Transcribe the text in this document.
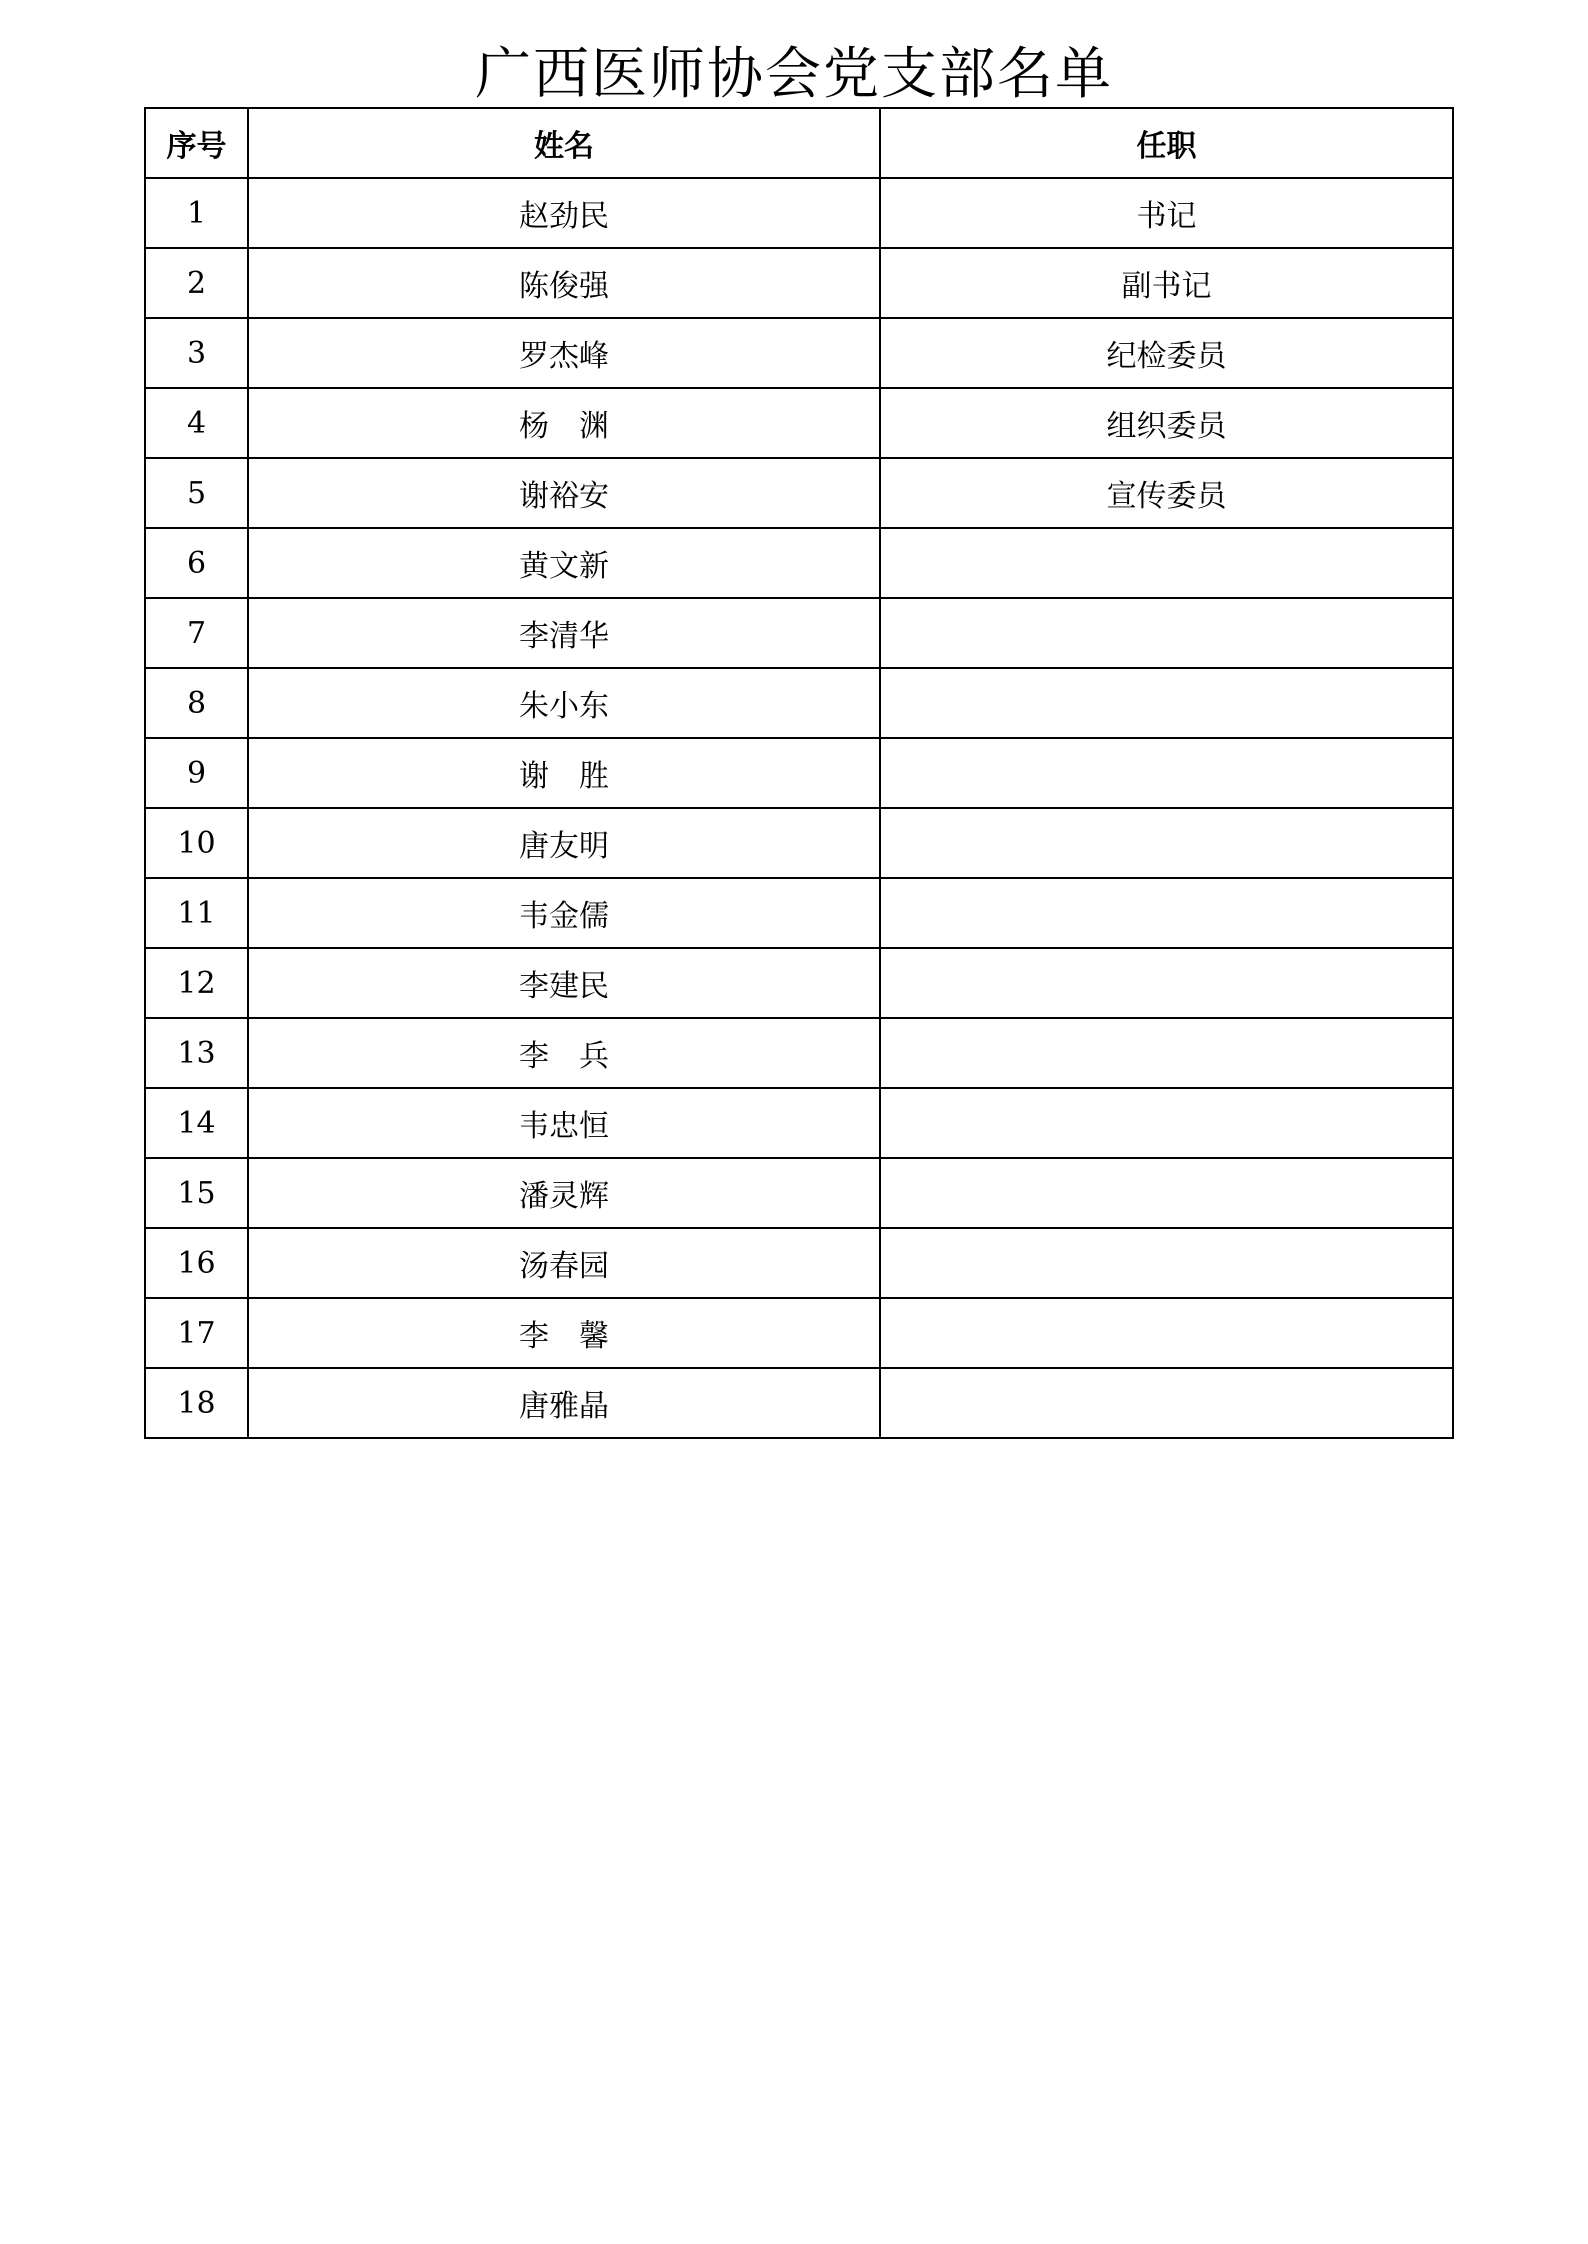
广西医师协会党支部名单
序号	姓名	任职
1	赵劲民	书记
2	陈俊强	副书记
3	罗杰峰	纪检委员
4	杨　渊	组织委员
5	谢裕安	宣传委员
6	黄文新	
7	李清华	
8	朱小东	
9	谢　胜	
10	唐友明	
11	韦金儒	
12	李建民	
13	李　兵	
14	韦忠恒	
15	潘灵辉	
16	汤春园	
17	李　馨	
18	唐雅晶	
